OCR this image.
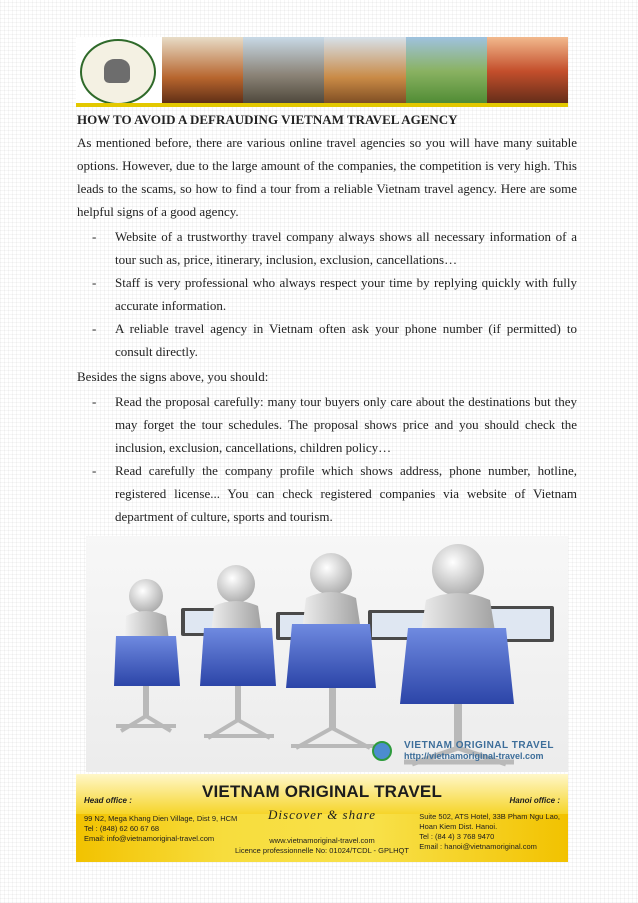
HOW TO AVOID A DEFRAUDING VIETNAM TRAVEL AGENCY

As mentioned before, there are various online travel agencies so you will have many suitable options. However, due to the large amount of the companies, the competition is very high. This leads to the scams, so how to find a tour from a reliable Vietnam travel agency. Here are some helpful signs of a good agency.

- Website of a trustworthy travel company always shows all necessary information of a tour such as, price, itinerary, inclusion, exclusion, cancellations…
- Staff is very professional who always respect your time by replying quickly with fully accurate information.
- A reliable travel agency in Vietnam often ask your phone number (if permitted) to consult directly.

Besides the signs above, you should:

- Read the proposal carefully: many tour buyers only care about the destinations but they may forget the tour schedules. The proposal shows price and you should check the inclusion, exclusion, cancellations, children policy…
- Read carefully the company profile which shows address, phone number, hotline, registered license... You can check registered companies via website of Vietnam department of culture, sports and tourism.
VIETNAM ORIGINAL TRAVEL
http://vietnamoriginal-travel.com
VIETNAM ORIGINAL TRAVEL
Discover & share
Head office :
99 N2, Mega Khang Dien Village, Dist 9, HCM
Tel : (848) 62 60 67 68
Email: info@vietnamoriginal-travel.com
Hanoi office :
Suite 502, ATS Hotel, 33B Pham Ngu Lao,
Hoan Kiem Dist. Hanoi.
Tel : (84 4) 3 768 9470
Email : hanoi@vietnamoriginal.com
www.vietnamoriginal-travel.com
Licence professionnelle No: 01024/TCDL - GPLHQT
